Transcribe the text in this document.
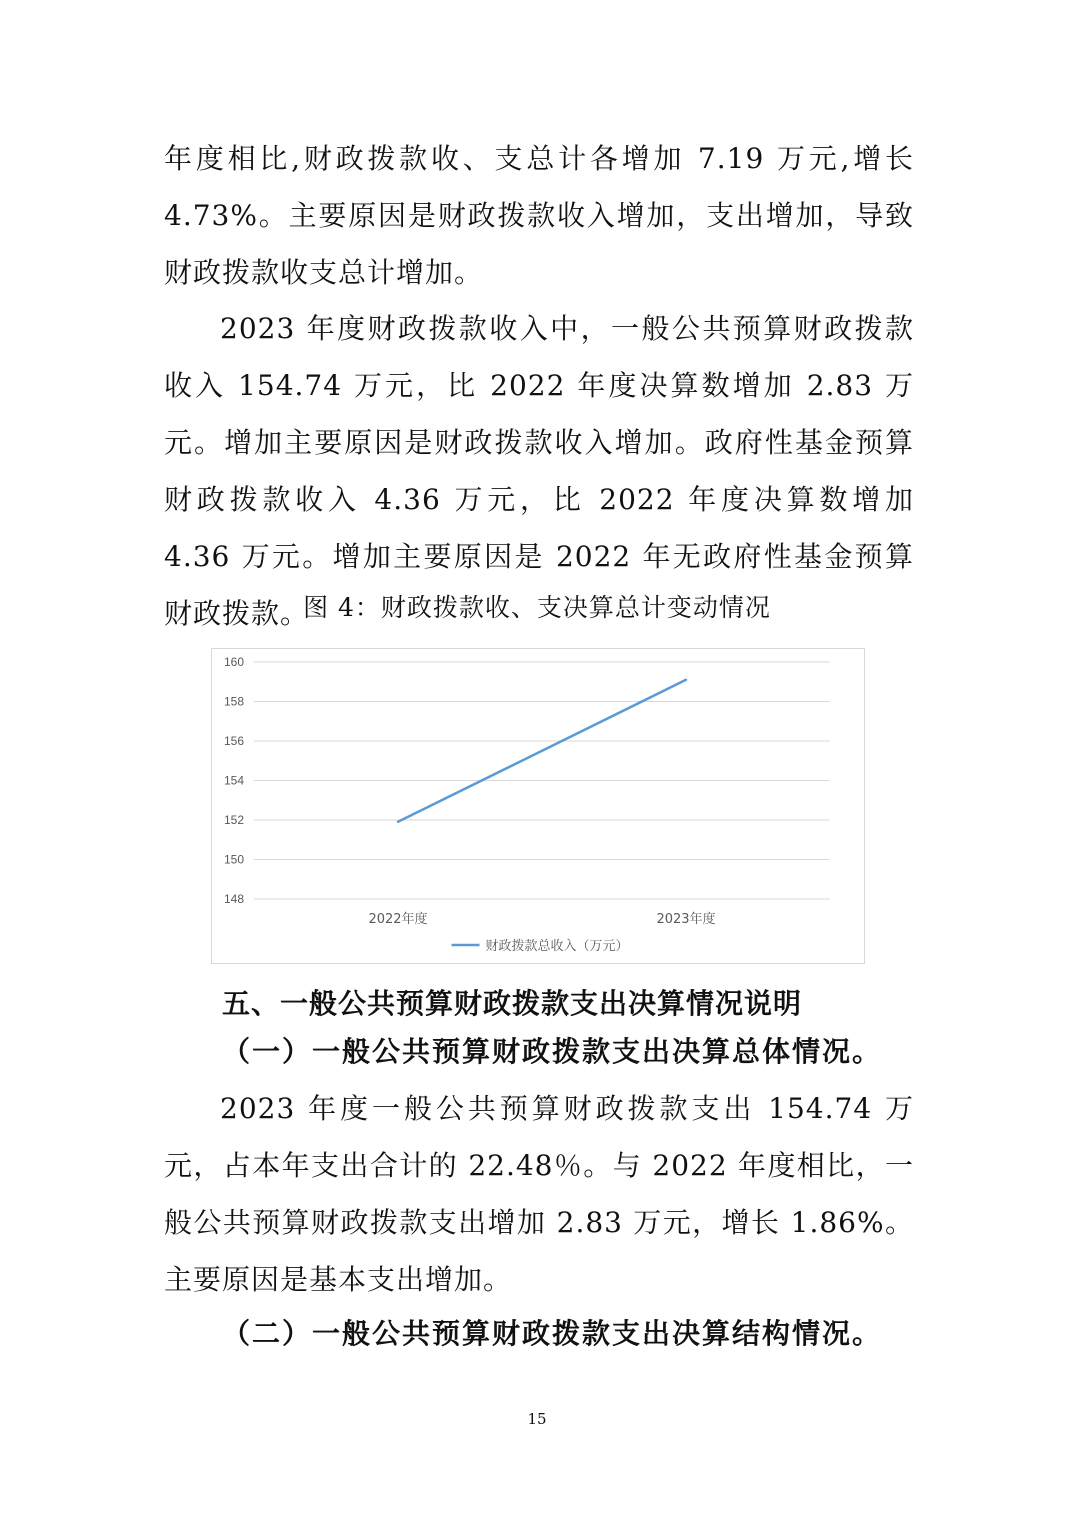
年度相比,财政拨款收、支总计各增加 7.19 万元,增长 4.73%。主要原因是财政拨款收入增加，支出增加，导致财政拨款收支总计增加。

2023 年度财政拨款收入中，一般公共预算财政拨款收入 154.74 万元，比 2022 年度决算数增加 2.83 万元。增加主要原因是财政拨款收入增加。政府性基金预算财政拨款收入 4.36 万元，比 2022 年度决算数增加 4.36 万元。增加主要原因是 2022 年无政府性基金预算财政拨款。

图 4：财政拨款收、支决算总计变动情况
148
150
152
154
156
158
160
2022年度	2023年度
财政拨款总收入（万元）
五、一般公共预算财政拨款支出决算情况说明
（一）一般公共预算财政拨款支出决算总体情况。

2023 年度一般公共预算财政拨款支出 154.74 万元，占本年支出合计的 22.48％。与 2022 年度相比，一般公共预算财政拨款支出增加 2.83 万元，增长 1.86%。主要原因是基本支出增加。

（二）一般公共预算财政拨款支出决算结构情况。
15
